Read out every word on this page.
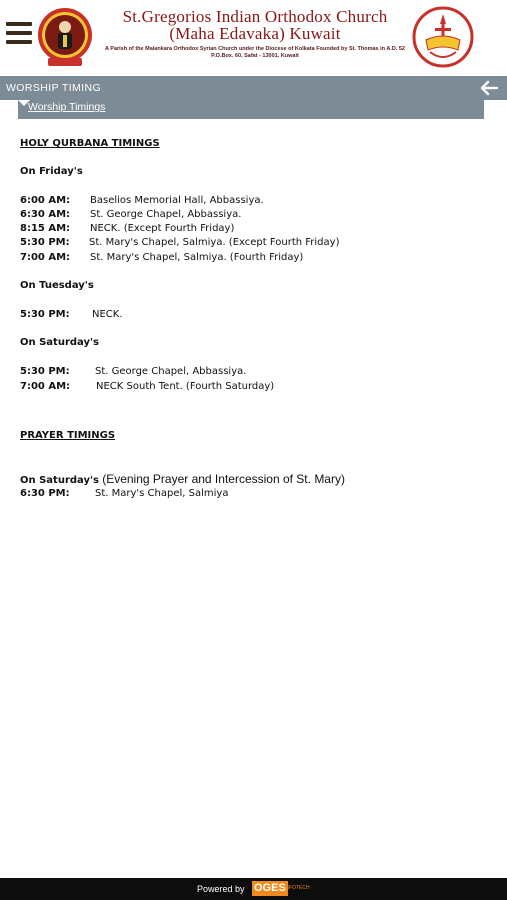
St.Gregorios Indian Orthodox Church
(Maha Edavaka) Kuwait
A Parish of the Malankara Orthodox Syrian Church under the Diocese of Kolkata Founded by St. Thomas in A.D. 52
P.O.Box. 60, Safat - 13001, Kuwait
WORSHIP TIMING
Worship Timings
HOLY QURBANA TIMINGS
On Friday's
6:00 AM: Baselios Memorial Hall, Abbassiya.
6:30 AM: St. George Chapel, Abbassiya.
8:15 AM: NECK. (Except Fourth Friday)
5:30 PM: St. Mary's Chapel, Salmiya. (Except Fourth Friday)
7:00 AM: St. Mary's Chapel, Salmiya. (Fourth Friday)
On Tuesday's
5:30 PM: NECK.
On Saturday's
5:30 PM:	St. George Chapel, Abbassiya.
7:00 AM:	NECK South Tent. (Fourth Saturday)
PRAYER TIMINGS
On Saturday's (Evening Prayer and Intercession of St. Mary)
6:30 PM:	St. Mary's Chapel, Salmiya
Powered by OGES
INFOTECH
